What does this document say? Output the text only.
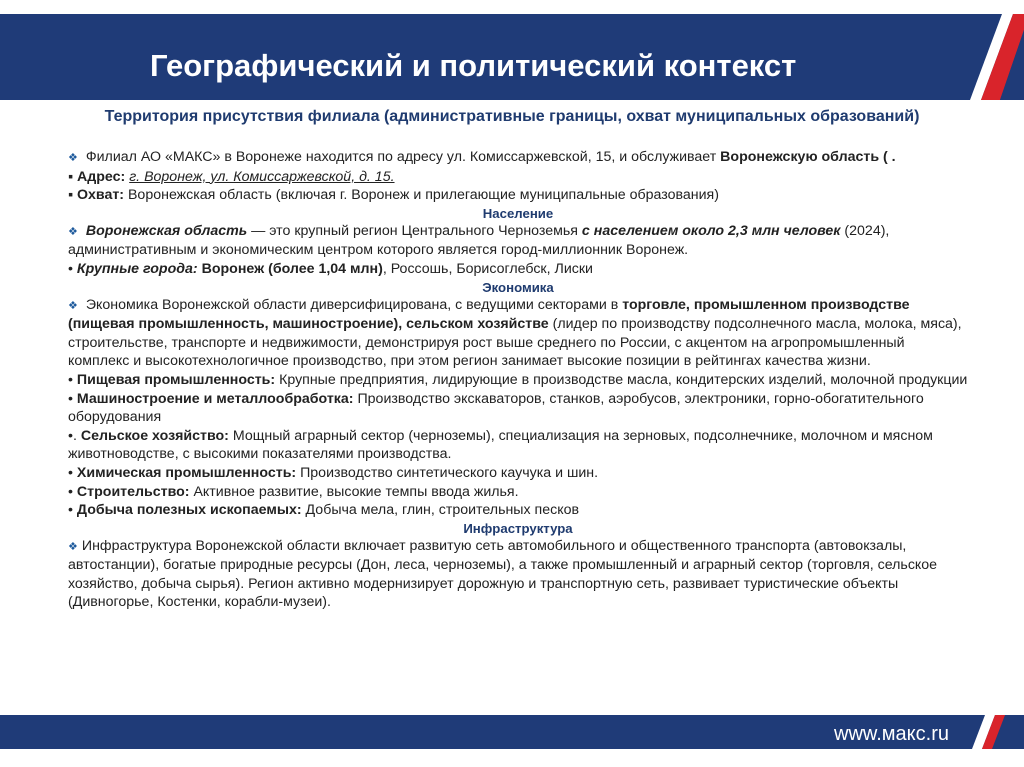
Географический и политический контекст
Территория присутствия филиала (административные границы, охват муниципальных образований)

❖ Филиал АО «МАКС» в Воронеже находится по адресу ул. Комиссаржевской, 15, и обслуживает Воронежскую область ( .

▪ Адрес: г. Воронеж, ул. Комиссаржевской, д. 15.

▪ Охват: Воронежская область (включая г. Воронеж и прилегающие муниципальные образования)

Население

❖ Воронежская область — это крупный регион Центрального Черноземья с населением около 2,3 млн человек (2024), административным и экономическим центром которого является город-миллионник Воронеж.

• Крупные города: Воронеж (более 1,04 млн), Россошь, Борисоглебск, Лиски

Экономика

❖ Экономика Воронежской области диверсифицирована, с ведущими секторами в торговле, промышленном производстве (пищевая промышленность, машиностроение), сельском хозяйстве (лидер по производству подсолнечного масла, молока, мяса), строительстве, транспорте и недвижимости, демонстрируя рост выше среднего по России, с акцентом на агропромышленный комплекс и высокотехнологичное производство, при этом регион занимает высокие позиции в рейтингах качества жизни.

• Пищевая промышленность: Крупные предприятия, лидирующие в производстве масла, кондитерских изделий, молочной продукции

• Машиностроение и металлообработка: Производство экскаваторов, станков, аэробусов, электроники, горно-обогатительного оборудования

•. Сельское хозяйство: Мощный аграрный сектор (черноземы), специализация на зерновых, подсолнечнике, молочном и мясном животноводстве, с высокими показателями производства.

• Химическая промышленность: Производство синтетического каучука и шин.

• Строительство: Активное развитие, высокие темпы ввода жилья.

• Добыча полезных ископаемых: Добыча мела, глин, строительных песков

Инфраструктура

❖ Инфраструктура Воронежской области включает развитую сеть автомобильного и общественного транспорта (автовокзалы, автостанции), богатые природные ресурсы (Дон, леса, черноземы), а также промышленный и аграрный сектор (торговля, сельское хозяйство, добыча сырья). Регион активно модернизирует дорожную и транспортную сеть, развивает туристические объекты (Дивногорье, Костенки, корабли-музеи).

www.макс.ru
